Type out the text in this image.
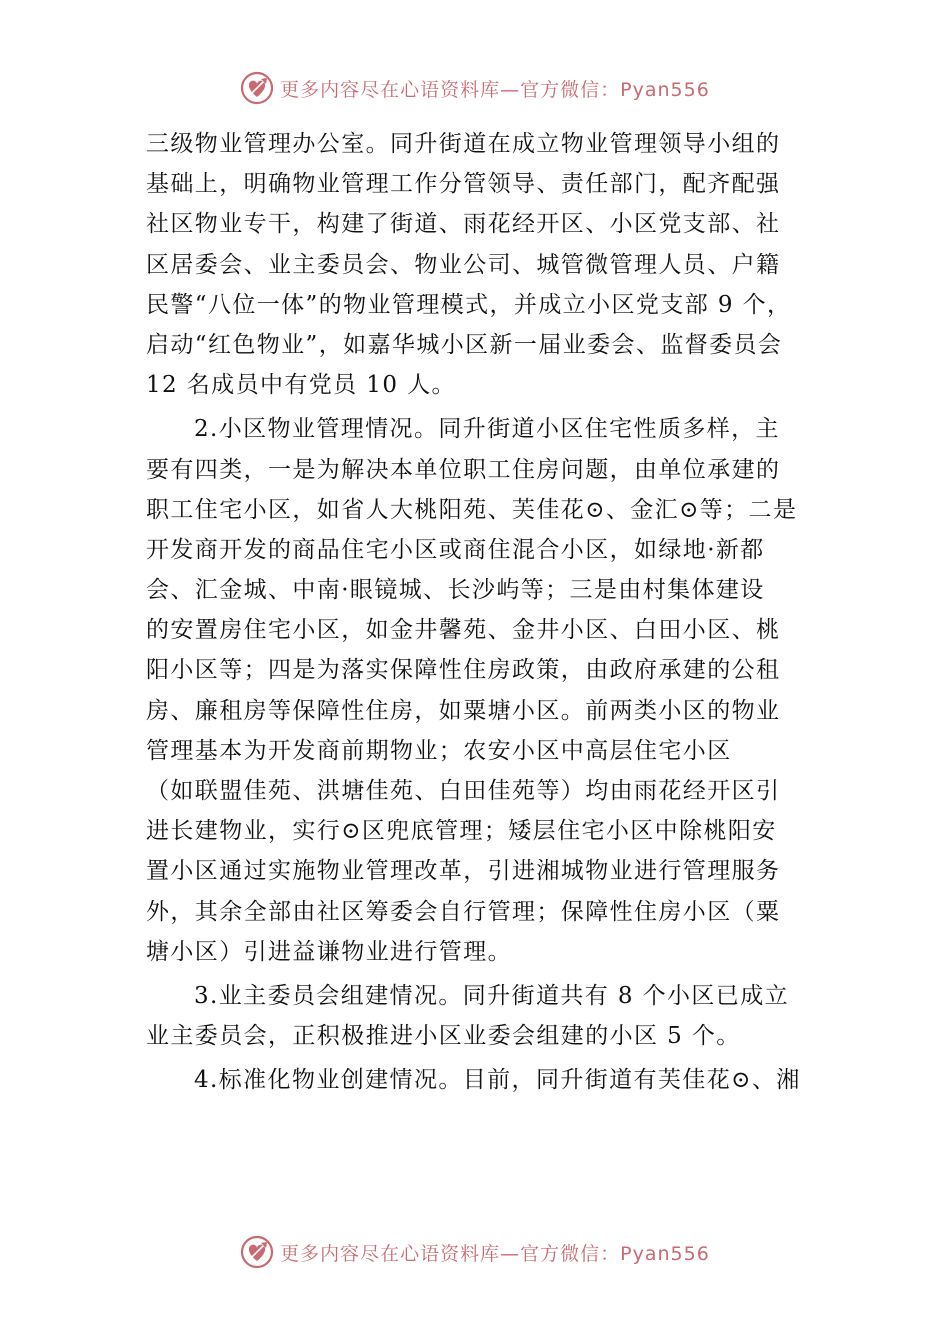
更多内容尽在心语资料库—官方微信：Pyan556
三级物业管理办公室。同升街道在成立物业管理领导小组的
基础上，明确物业管理工作分管领导、责任部门，配齐配强
社区物业专干，构建了街道、雨花经开区、小区党支部、社
区居委会、业主委员会、物业公司、城管微管理人员、户籍
民警“八位一体”的物业管理模式，并成立小区党支部 9 个，
启动“红色物业”，如嘉华城小区新一届业委会、监督委员会
12 名成员中有党员 10 人。
2.小区物业管理情况。同升街道小区住宅性质多样，主
要有四类，一是为解决本单位职工住房问题，由单位承建的
职工住宅小区，如省人大桃阳苑、芙佳花⊙、金汇⊙等；二是
开发商开发的商品住宅小区或商住混合小区，如绿地·新都
会、汇金城、中南·眼镜城、长沙屿等；三是由村集体建设
的安置房住宅小区，如金井馨苑、金井小区、白田小区、桃
阳小区等；四是为落实保障性住房政策，由政府承建的公租
房、廉租房等保障性住房，如粟塘小区。前两类小区的物业
管理基本为开发商前期物业；农安小区中高层住宅小区
（如联盟佳苑、洪塘佳苑、白田佳苑等）均由雨花经开区引
进长建物业，实行⊙区兜底管理；矮层住宅小区中除桃阳安
置小区通过实施物业管理改革，引进湘城物业进行管理服务
外，其余全部由社区筹委会自行管理；保障性住房小区（粟
塘小区）引进益谦物业进行管理。
3.业主委员会组建情况。同升街道共有 8 个小区已成立
业主委员会，正积极推进小区业委会组建的小区 5 个。
4.标准化物业创建情况。目前，同升街道有芙佳花⊙、湘
更多内容尽在心语资料库—官方微信：Pyan556
